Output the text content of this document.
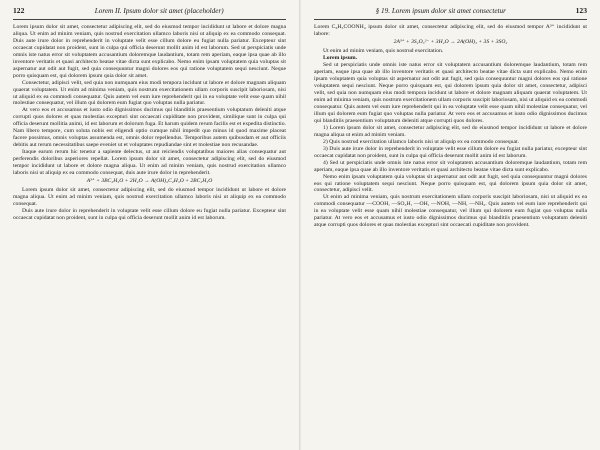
122	Lorem II. Ipsum dolor sit amet (placeholder)

Lorem ipsum dolor sit amet, consectetur adipiscing elit, sed do eiusmod tempor incididunt ut labore et dolore magna aliqua. Ut enim ad minim veniam, quis nostrud exercitation ullamco laboris nisi ut aliquip ex ea commodo consequat. Duis aute irure dolor in reprehenderit in voluptate velit esse cillum dolore eu fugiat nulla pariatur. Excepteur sint occaecat cupidatat non proident, sunt in culpa qui officia deserunt mollit anim id est laborum. Sed ut perspiciatis unde omnis iste natus error sit voluptatem accusantium doloremque laudantium, totam rem aperiam, eaque ipsa quae ab illo inventore veritatis et quasi architecto beatae vitae dicta sunt explicabo. Nemo enim ipsam voluptatem quia voluptas sit aspernatur aut odit aut fugit, sed quia consequuntur magni dolores eos qui ratione voluptatem sequi nesciunt. Neque porro quisquam est, qui dolorem ipsum quia dolor sit amet.

Consectetur, adipisci velit, sed quia non numquam eius modi tempora incidunt ut labore et dolore magnam aliquam quaerat voluptatem. Ut enim ad minima veniam, quis nostrum exercitationem ullam corporis suscipit laboriosam, nisi ut aliquid ex ea commodi consequatur. Quis autem vel eum iure reprehenderit qui in ea voluptate velit esse quam nihil molestiae consequatur, vel illum qui dolorem eum fugiat quo voluptas nulla pariatur.

At vero eos et accusamus et iusto odio dignissimos ducimus qui blanditiis praesentium voluptatum deleniti atque corrupti quos dolores et quas molestias excepturi sint occaecati cupiditate non provident, similique sunt in culpa qui officia deserunt mollitia animi, id est laborum et dolorum fuga. Et harum quidem rerum facilis est et expedita distinctio. Nam libero tempore, cum soluta nobis est eligendi optio cumque nihil impedit quo minus id quod maxime placeat facere possimus, omnis voluptas assumenda est, omnis dolor repellendus. Temporibus autem quibusdam et aut officiis debitis aut rerum necessitatibus saepe eveniet ut et voluptates repudiandae sint et molestiae non recusandae.

Itaque earum rerum hic tenetur a sapiente delectus, ut aut reiciendis voluptatibus maiores alias consequatur aut perferendis doloribus asperiores repellat. Lorem ipsum dolor sit amet, consectetur adipiscing elit, sed do eiusmod tempor incididunt ut labore et dolore magna aliqua. Ut enim ad minim veniam, quis nostrud exercitation ullamco laboris nisi ut aliquip ex ea commodo consequat, duis aute irure dolor in reprehenderit.

A³⁺ + 3BC₂H₃O + 2H₂O → A(OH)₂C₂H₃O + 2BC₂H₃O

Lorem ipsum dolor sit amet, consectetur adipiscing elit, sed do eiusmod tempor incididunt ut labore et dolore magna aliqua. Ut enim ad minim veniam, quis nostrud exercitation ullamco laboris nisi ut aliquip ex ea commodo consequat.

Duis aute irure dolor in reprehenderit in voluptate velit esse cillum dolore eu fugiat nulla pariatur. Excepteur sint occaecat cupidatat non proident, sunt in culpa qui officia deserunt mollit anim id est laborum.

§ 19. Lorem ipsum dolor sit amet consectetur	123

Lorem C₆H₅COONH₄ ipsum dolor sit amet, consectetur adipiscing elit, sed do eiusmod tempor A³⁺ incididunt ut labore:

2A³⁺ + 3S₂O₃²⁻ + 3H₂O → 2A(OH)₃ + 3S + 3SO₂

Ut enim ad minim veniam, quis nostrud exercitation.

Lorem ipsum.

Sed ut perspiciatis unde omnis iste natus error sit voluptatem accusantium doloremque laudantium, totam rem aperiam, eaque ipsa quae ab illo inventore veritatis et quasi architecto beatae vitae dicta sunt explicabo. Nemo enim ipsam voluptatem quia voluptas sit aspernatur aut odit aut fugit, sed quia consequuntur magni dolores eos qui ratione voluptatem sequi nesciunt. Neque porro quisquam est, qui dolorem ipsum quia dolor sit amet, consectetur, adipisci velit, sed quia non numquam eius modi tempora incidunt ut labore et dolore magnam aliquam quaerat voluptatem. Ut enim ad minima veniam, quis nostrum exercitationem ullam corporis suscipit laboriosam, nisi ut aliquid ex ea commodi consequatur. Quis autem vel eum iure reprehenderit qui in ea voluptate velit esse quam nihil molestiae consequatur, vel illum qui dolorem eum fugiat quo voluptas nulla pariatur. At vero eos et accusamus et iusto odio dignissimos ducimus qui blanditiis praesentium voluptatum deleniti atque corrupti quos dolores.

1) Lorem ipsum dolor sit amet, consectetur adipiscing elit, sed do eiusmod tempor incididunt ut labore et dolore magna aliqua ut enim ad minim veniam.

2) Quis nostrud exercitation ullamco laboris nisi ut aliquip ex ea commodo consequat.

3) Duis aute irure dolor in reprehenderit in voluptate velit esse cillum dolore eu fugiat nulla pariatur, excepteur sint occaecat cupidatat non proident, sunt in culpa qui officia deserunt mollit anim id est laborum.

4) Sed ut perspiciatis unde omnis iste natus error sit voluptatem accusantium doloremque laudantium, totam rem aperiam, eaque ipsa quae ab illo inventore veritatis et quasi architecto beatae vitae dicta sunt explicabo.

Nemo enim ipsam voluptatem quia voluptas sit aspernatur aut odit aut fugit, sed quia consequuntur magni dolores eos qui ratione voluptatem sequi nesciunt. Neque porro quisquam est, qui dolorem ipsum quia dolor sit amet, consectetur, adipisci velit.

Ut enim ad minima veniam, quis nostrum exercitationem ullam corporis suscipit laboriosam, nisi ut aliquid ex ea commodi consequatur —COOH, —SO₃H, —OH, —NOH, —NH, —NH₂. Quis autem vel eum iure reprehenderit qui in ea voluptate velit esse quam nihil molestiae consequatur, vel illum qui dolorem eum fugiat quo voluptas nulla pariatur. At vero eos et accusamus et iusto odio dignissimos ducimus qui blanditiis praesentium voluptatum deleniti atque corrupti quos dolores et quas molestias excepturi sint occaecati cupiditate non provident.
